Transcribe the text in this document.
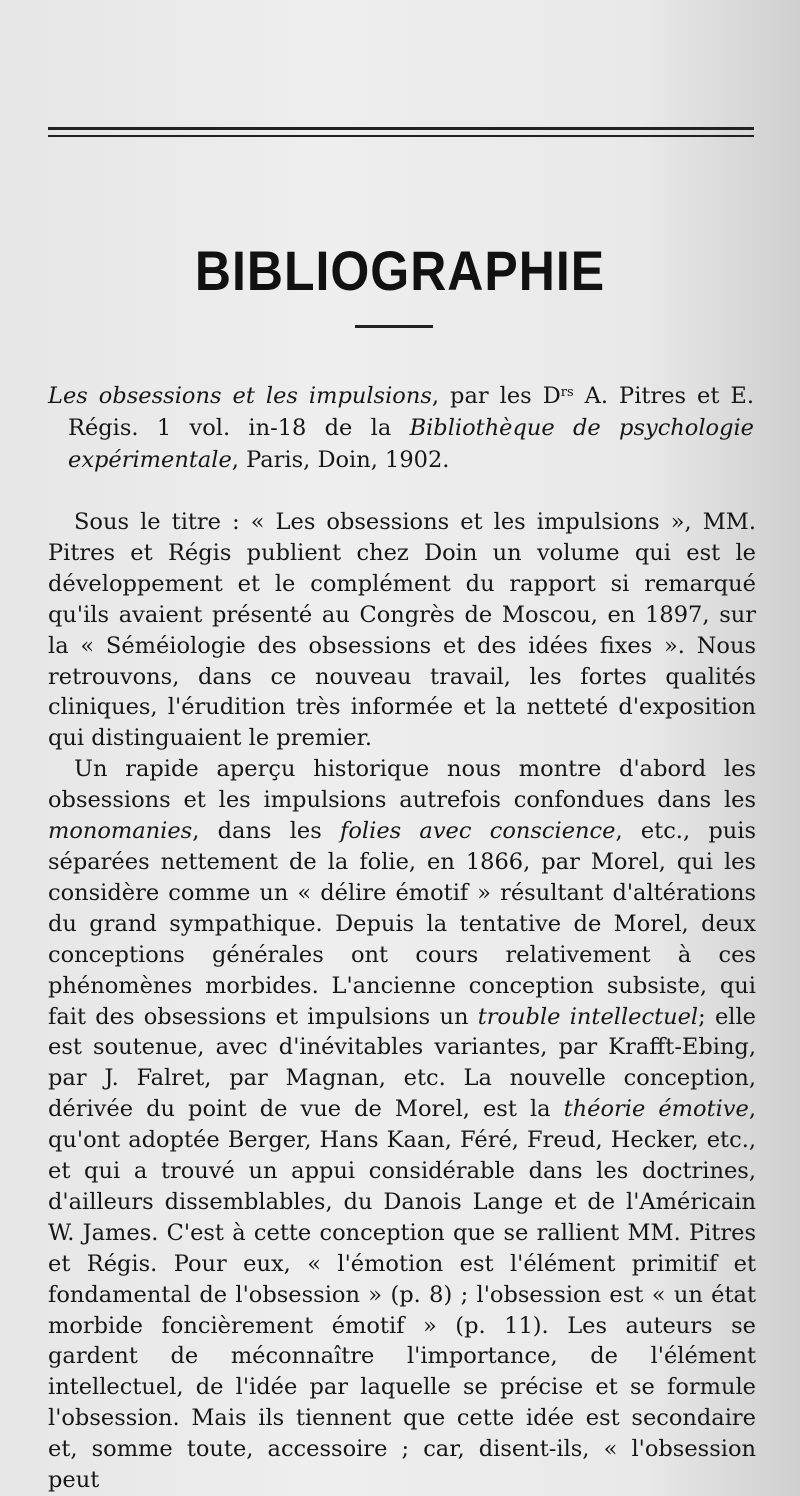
BIBLIOGRAPHIE

Les obsessions et les impulsions, par les $D^{rs}$ A. Pitres et E. Régis. 1 vol. in-18 de la Bibliothèque de psychologie expérimentale, Paris, Doin, 1902.

Sous le titre : « Les obsessions et les impulsions », MM. Pitres et Régis publient chez Doin un volume qui est le développement et le complément du rapport si remarqué qu'ils avaient présenté au Congrès de Moscou, en 1897, sur la « Séméiologie des obsessions et des idées fixes ». Nous retrouvons, dans ce nouveau travail, les fortes qualités cliniques, l'érudition très informée et la netteté d'exposition qui distinguaient le premier.

Un rapide aperçu historique nous montre d'abord les obsessions et les impulsions autrefois confondues dans les monomanies, dans les folies avec conscience, etc., puis séparées nettement de la folie, en 1866, par Morel, qui les considère comme un « délire émotif » résultant d'altérations du grand sympathique. Depuis la tentative de Morel, deux conceptions générales ont cours relativement à ces phénomènes morbides. L'ancienne conception subsiste, qui fait des obsessions et impulsions un trouble intellectuel; elle est soutenue, avec d'inévitables variantes, par Krafft-Ebing, par J. Falret, par Magnan, etc. La nouvelle conception, dérivée du point de vue de Morel, est la théorie émotive, qu'ont adoptée Berger, Hans Kaan, Féré, Freud, Hecker, etc., et qui a trouvé un appui considérable dans les doctrines, d'ailleurs dissemblables, du Danois Lange et de l'Américain W. James. C'est à cette conception que se rallient MM. Pitres et Régis. Pour eux, « l'émotion est l'élément primitif et fondamental de l'obsession » (p. 8) ; l'obsession est « un état morbide foncièrement émotif » (p. 11). Les auteurs se gardent de méconnaître l'importance, de l'élément intellectuel, de l'idée par laquelle se précise et se formule l'obsession. Mais ils tiennent que cette idée est secondaire et, somme toute, accessoire ; car, disent-ils, « l'obsession peut
